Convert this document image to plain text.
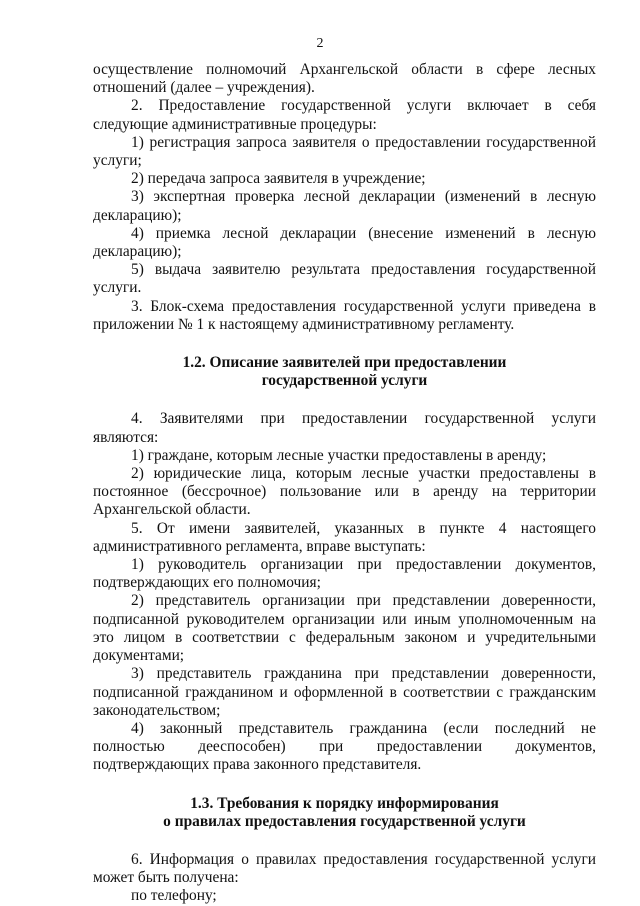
2

осуществление полномочий Архангельской области в сфере лесных отношений (далее – учреждения).

2. Предоставление государственной услуги включает в себя следующие административные процедуры:

1) регистрация запроса заявителя о предоставлении государственной услуги;

2) передача запроса заявителя в учреждение;

3) экспертная проверка лесной декларации (изменений в лесную декларацию);

4) приемка лесной декларации (внесение изменений в лесную декларацию);

5) выдача заявителю результата предоставления государственной услуги.

3. Блок-схема предоставления государственной услуги приведена в приложении № 1 к настоящему административному регламенту.

1.2. Описание заявителей при предоставлении
государственной услуги

4. Заявителями при предоставлении государственной услуги являются:

1) граждане, которым лесные участки предоставлены в аренду;

2) юридические лица, которым лесные участки предоставлены в постоянное (бессрочное) пользование или в аренду на территории Архангельской области.

5. От имени заявителей, указанных в пункте 4 настоящего административного регламента, вправе выступать:

1) руководитель организации при предоставлении документов, подтверждающих его полномочия;

2) представитель организации при представлении доверенности, подписанной руководителем организации или иным уполномоченным на это лицом в соответствии с федеральным законом и учредительными документами;

3) представитель гражданина при представлении доверенности, подписанной гражданином и оформленной в соответствии с гражданским законодательством;

4) законный представитель гражданина (если последний не полностью дееспособен) при предоставлении документов, подтверждающих права законного представителя.

1.3. Требования к порядку информирования
о правилах предоставления государственной услуги

6. Информация о правилах предоставления государственной услуги может быть получена:

по телефону;
